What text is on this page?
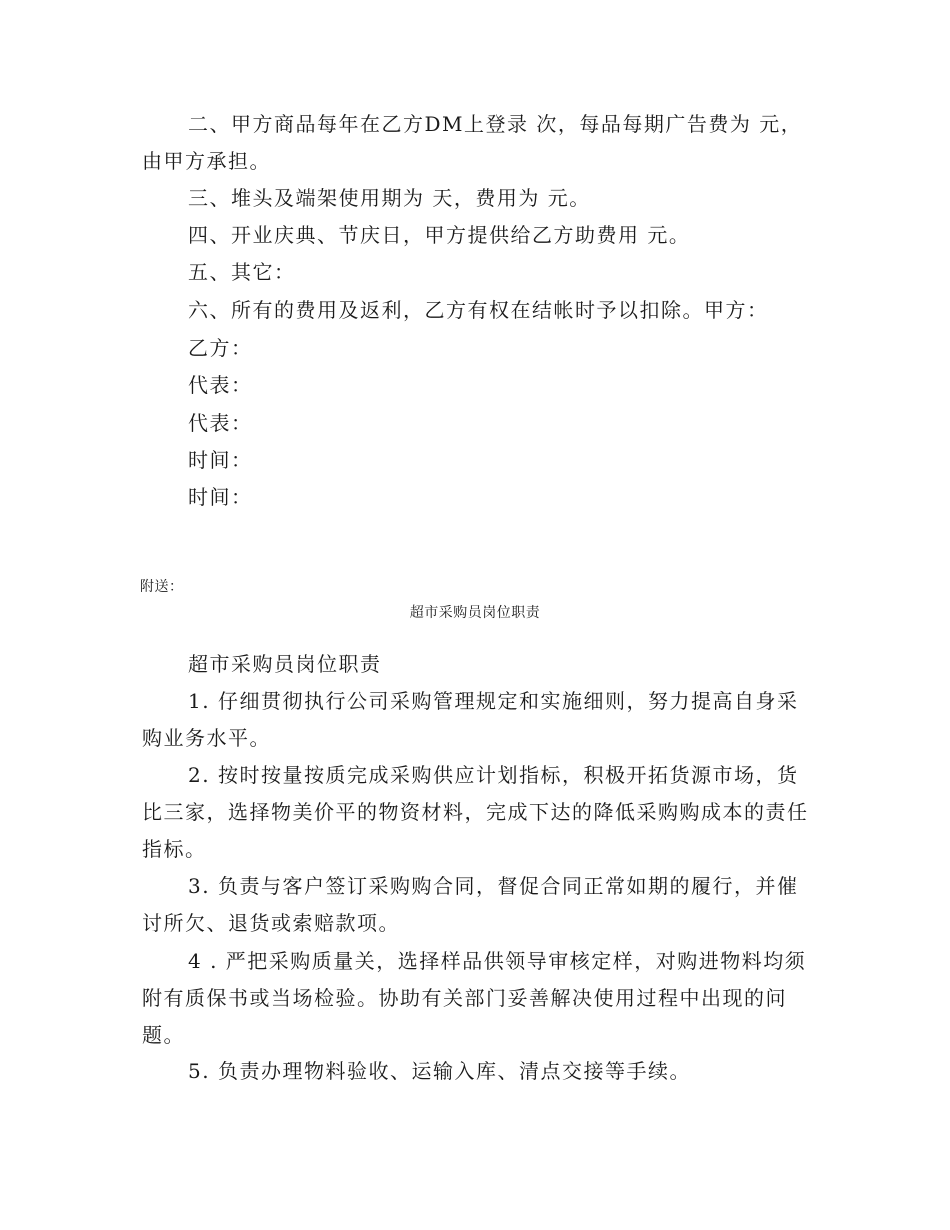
二、甲方商品每年在乙方DM上登录 次，每品每期广告费为 元，由甲方承担。

三、堆头及端架使用期为 天，费用为 元。

四、开业庆典、节庆日，甲方提供给乙方助费用 元。

五、其它：

六、所有的费用及返利，乙方有权在结帐时予以扣除。甲方：

乙方：

代表：

代表：

时间：

时间：

附送：

超市采购员岗位职责

超市采购员岗位职责

1. 仔细贯彻执行公司采购管理规定和实施细则，努力提高自身采购业务水平。

2. 按时按量按质完成采购供应计划指标，积极开拓货源市场，货比三家，选择物美价平的物资材料，完成下达的降低采购购成本的责任指标。

3. 负责与客户签订采购购合同，督促合同正常如期的履行，并催讨所欠、退货或索赔款项。

4 . 严把采购质量关，选择样品供领导审核定样，对购进物料均须附有质保书或当场检验。协助有关部门妥善解决使用过程中出现的问题。

5. 负责办理物料验收、运输入库、清点交接等手续。
